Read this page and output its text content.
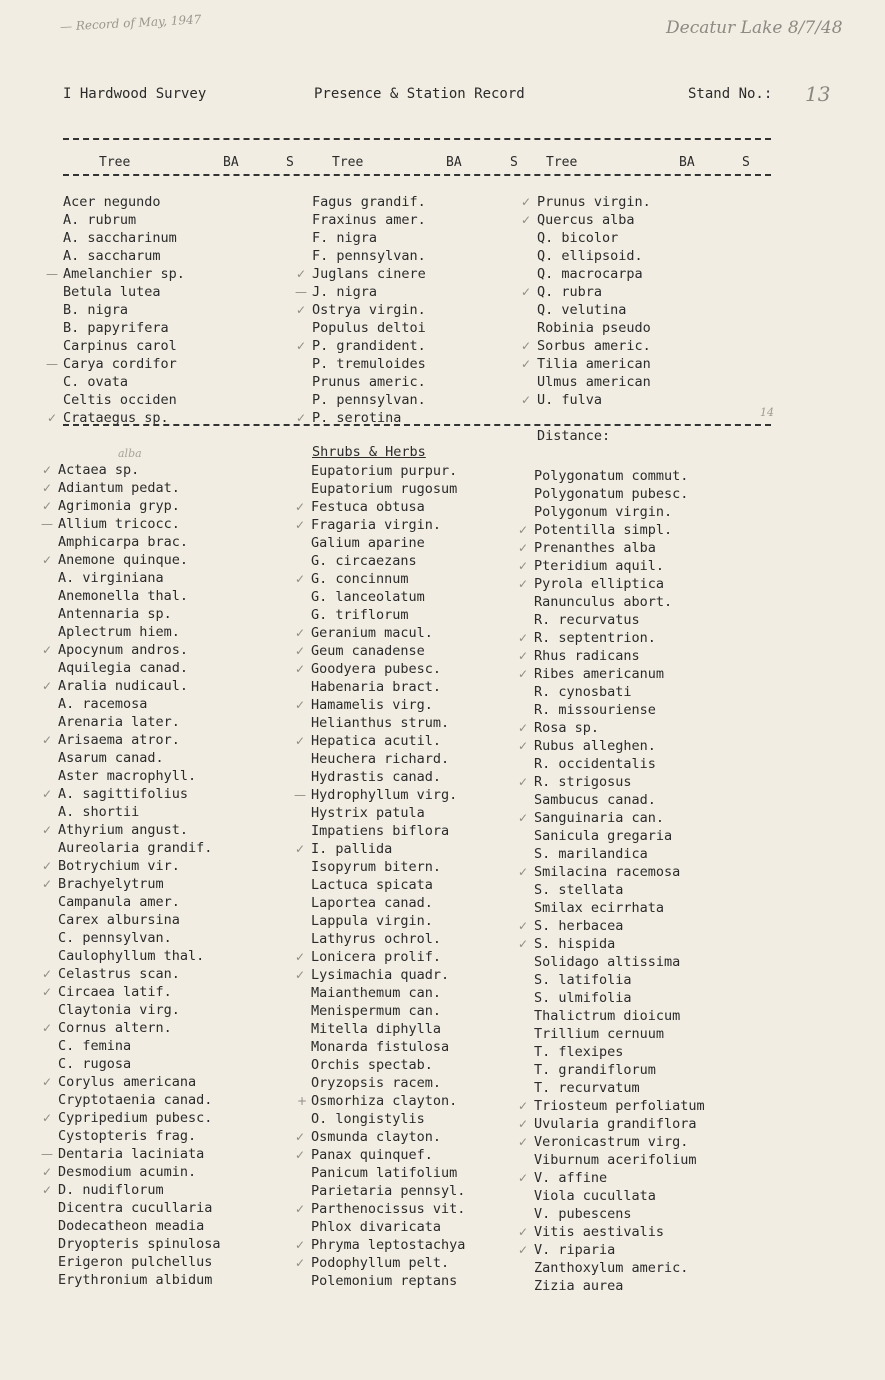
— Record of May, 1947	Decatur Lake 8/7/48
13
14
alba
I Hardwood Survey	Presence & Station Record	Stand No.:
Tree	BA	S	Tree	BA	S Tree	BA	S
Acer negundo
A. rubrum
A. saccharinum
A. saccharum
— Amelanchier sp.
Betula lutea
B. nigra
B. papyrifera
Carpinus carol
— Carya cordifor
C. ovata
Celtis occiden
✓ Crataegus sp.
Fagus grandif.
Fraxinus amer.
F. nigra
F. pennsylvan.
✓ Juglans cinere
— J. nigra
✓ Ostrya virgin.
Populus deltoi
✓ P. grandident.
P. tremuloides
Prunus americ.
P. pennsylvan.
✓ P. serotina
✓ Prunus virgin.
✓ Quercus alba
Q. bicolor
Q. ellipsoid.
Q. macrocarpa
✓ Q. rubra
Q. velutina
Robinia pseudo
✓ Sorbus americ.
✓ Tilia american
Ulmus american
✓ U. fulva
Shrubs & Herbs
Distance:
✓ Actaea sp.
✓ Adiantum pedat.
✓ Agrimonia gryp.
— Allium tricocc.
Amphicarpa brac.
✓ Anemone quinque.
A. virginiana
Anemonella thal.
Antennaria sp.
Aplectrum hiem.
✓ Apocynum andros.
Aquilegia canad.
✓ Aralia nudicaul.
A. racemosa
Arenaria later.
✓ Arisaema atror.
Asarum canad.
Aster macrophyll.
✓ A. sagittifolius
A. shortii
✓ Athyrium angust.
Aureolaria grandif.
✓ Botrychium vir.
✓ Brachyelytrum
Campanula amer.
Carex albursina
C. pennsylvan.
Caulophyllum thal.
✓ Celastrus scan.
✓ Circaea latif.
Claytonia virg.
✓ Cornus altern.
C. femina
C. rugosa
✓ Corylus americana
Cryptotaenia canad.
✓ Cypripedium pubesc.
Cystopteris frag.
— Dentaria laciniata
✓ Desmodium acumin.
✓ D. nudiflorum
Dicentra cucullaria
Dodecatheon meadia
Dryopteris spinulosa
Erigeron pulchellus
Erythronium albidum
Eupatorium purpur.
Eupatorium rugosum
✓ Festuca obtusa
✓ Fragaria virgin.
Galium aparine
G. circaezans
✓ G. concinnum
G. lanceolatum
G. triflorum
✓ Geranium macul.
✓ Geum canadense
✓ Goodyera pubesc.
Habenaria bract.
✓ Hamamelis virg.
Helianthus strum.
✓ Hepatica acutil.
Heuchera richard.
Hydrastis canad.
— Hydrophyllum virg.
Hystrix patula
Impatiens biflora
✓ I. pallida
Isopyrum bitern.
Lactuca spicata
Laportea canad.
Lappula virgin.
Lathyrus ochrol.
✓ Lonicera prolif.
✓ Lysimachia quadr.
Maianthemum can.
Menispermum can.
Mitella diphylla
Monarda fistulosa
Orchis spectab.
Oryzopsis racem.
+ Osmorhiza clayton.
O. longistylis
✓ Osmunda clayton.
✓ Panax quinquef.
Panicum latifolium
Parietaria pennsyl.
✓ Parthenocissus vit.
Phlox divaricata
✓ Phryma leptostachya
✓ Podophyllum pelt.
Polemonium reptans
Polygonatum commut.
Polygonatum pubesc.
Polygonum virgin.
✓ Potentilla simpl.
✓ Prenanthes alba
✓ Pteridium aquil.
✓ Pyrola elliptica
Ranunculus abort.
R. recurvatus
✓ R. septentrion.
✓ Rhus radicans
✓ Ribes americanum
R. cynosbati
R. missouriense
✓ Rosa sp.
✓ Rubus alleghen.
R. occidentalis
✓ R. strigosus
Sambucus canad.
✓ Sanguinaria can.
Sanicula gregaria
S. marilandica
✓ Smilacina racemosa
S. stellata
Smilax ecirrhata
✓ S. herbacea
✓ S. hispida
Solidago altissima
S. latifolia
S. ulmifolia
Thalictrum dioicum
Trillium cernuum
T. flexipes
T. grandiflorum
T. recurvatum
✓ Triosteum perfoliatum
✓ Uvularia grandiflora
✓ Veronicastrum virg.
Viburnum acerifolium
✓ V. affine
Viola cucullata
V. pubescens
✓ Vitis aestivalis
✓ V. riparia
Zanthoxylum americ.
Zizia aurea
